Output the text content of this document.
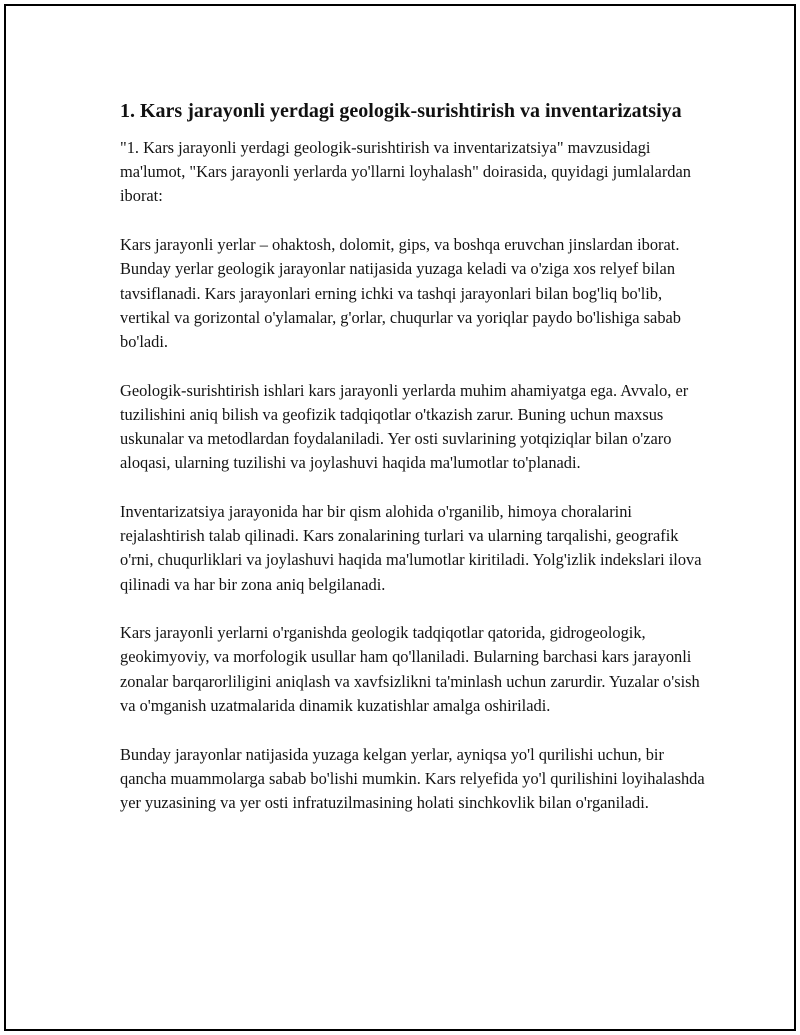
1. Kars jarayonli yerdagi geologik-surishtirish va inventarizatsiya

"1. Kars jarayonli yerdagi geologik-surishtirish va inventarizatsiya" mavzusidagi ma'lumot, "Kars jarayonli yerlarda yo'llarni loyhalash" doirasida, quyidagi jumlalardan iborat:

Kars jarayonli yerlar – ohaktosh, dolomit, gips, va boshqa eruvchan jinslardan iborat. Bunday yerlar geologik jarayonlar natijasida yuzaga keladi va o'ziga xos relyef bilan tavsiflanadi. Kars jarayonlari erning ichki va tashqi jarayonlari bilan bog'liq bo'lib, vertikal va gorizontal o'ylamalar, g'orlar, chuqurlar va yoriqlar paydo bo'lishiga sabab bo'ladi.

Geologik-surishtirish ishlari kars jarayonli yerlarda muhim ahamiyatga ega. Avvalo, er tuzilishini aniq bilish va geofizik tadqiqotlar o'tkazish zarur. Buning uchun maxsus uskunalar va metodlardan foydalaniladi. Yer osti suvlarining yotqiziqlar bilan o'zaro aloqasi, ularning tuzilishi va joylashuvi haqida ma'lumotlar to'planadi.

Inventarizatsiya jarayonida har bir qism alohida o'rganilib, himoya choralarini rejalashtirish talab qilinadi. Kars zonalarining turlari va ularning tarqalishi, geografik o'rni, chuqurliklari va joylashuvi haqida ma'lumotlar kiritiladi. Yolg'izlik indekslari ilova qilinadi va har bir zona aniq belgilanadi.

Kars jarayonli yerlarni o'rganishda geologik tadqiqotlar qatorida, gidrogeologik, geokimyoviy, va morfologik usullar ham qo'llaniladi. Bularning barchasi kars jarayonli zonalar barqarorliligini aniqlash va xavfsizlikni ta'minlash uchun zarurdir. Yuzalar o'sish va o'mganish uzatmalarida dinamik kuzatishlar amalga oshiriladi.

Bunday jarayonlar natijasida yuzaga kelgan yerlar, ayniqsa yo'l qurilishi uchun, bir qancha muammolarga sabab bo'lishi mumkin. Kars relyefida yo'l qurilishini loyihalashda yer yuzasining va yer osti infratuzilmasining holati sinchkovlik bilan o'rganiladi.
